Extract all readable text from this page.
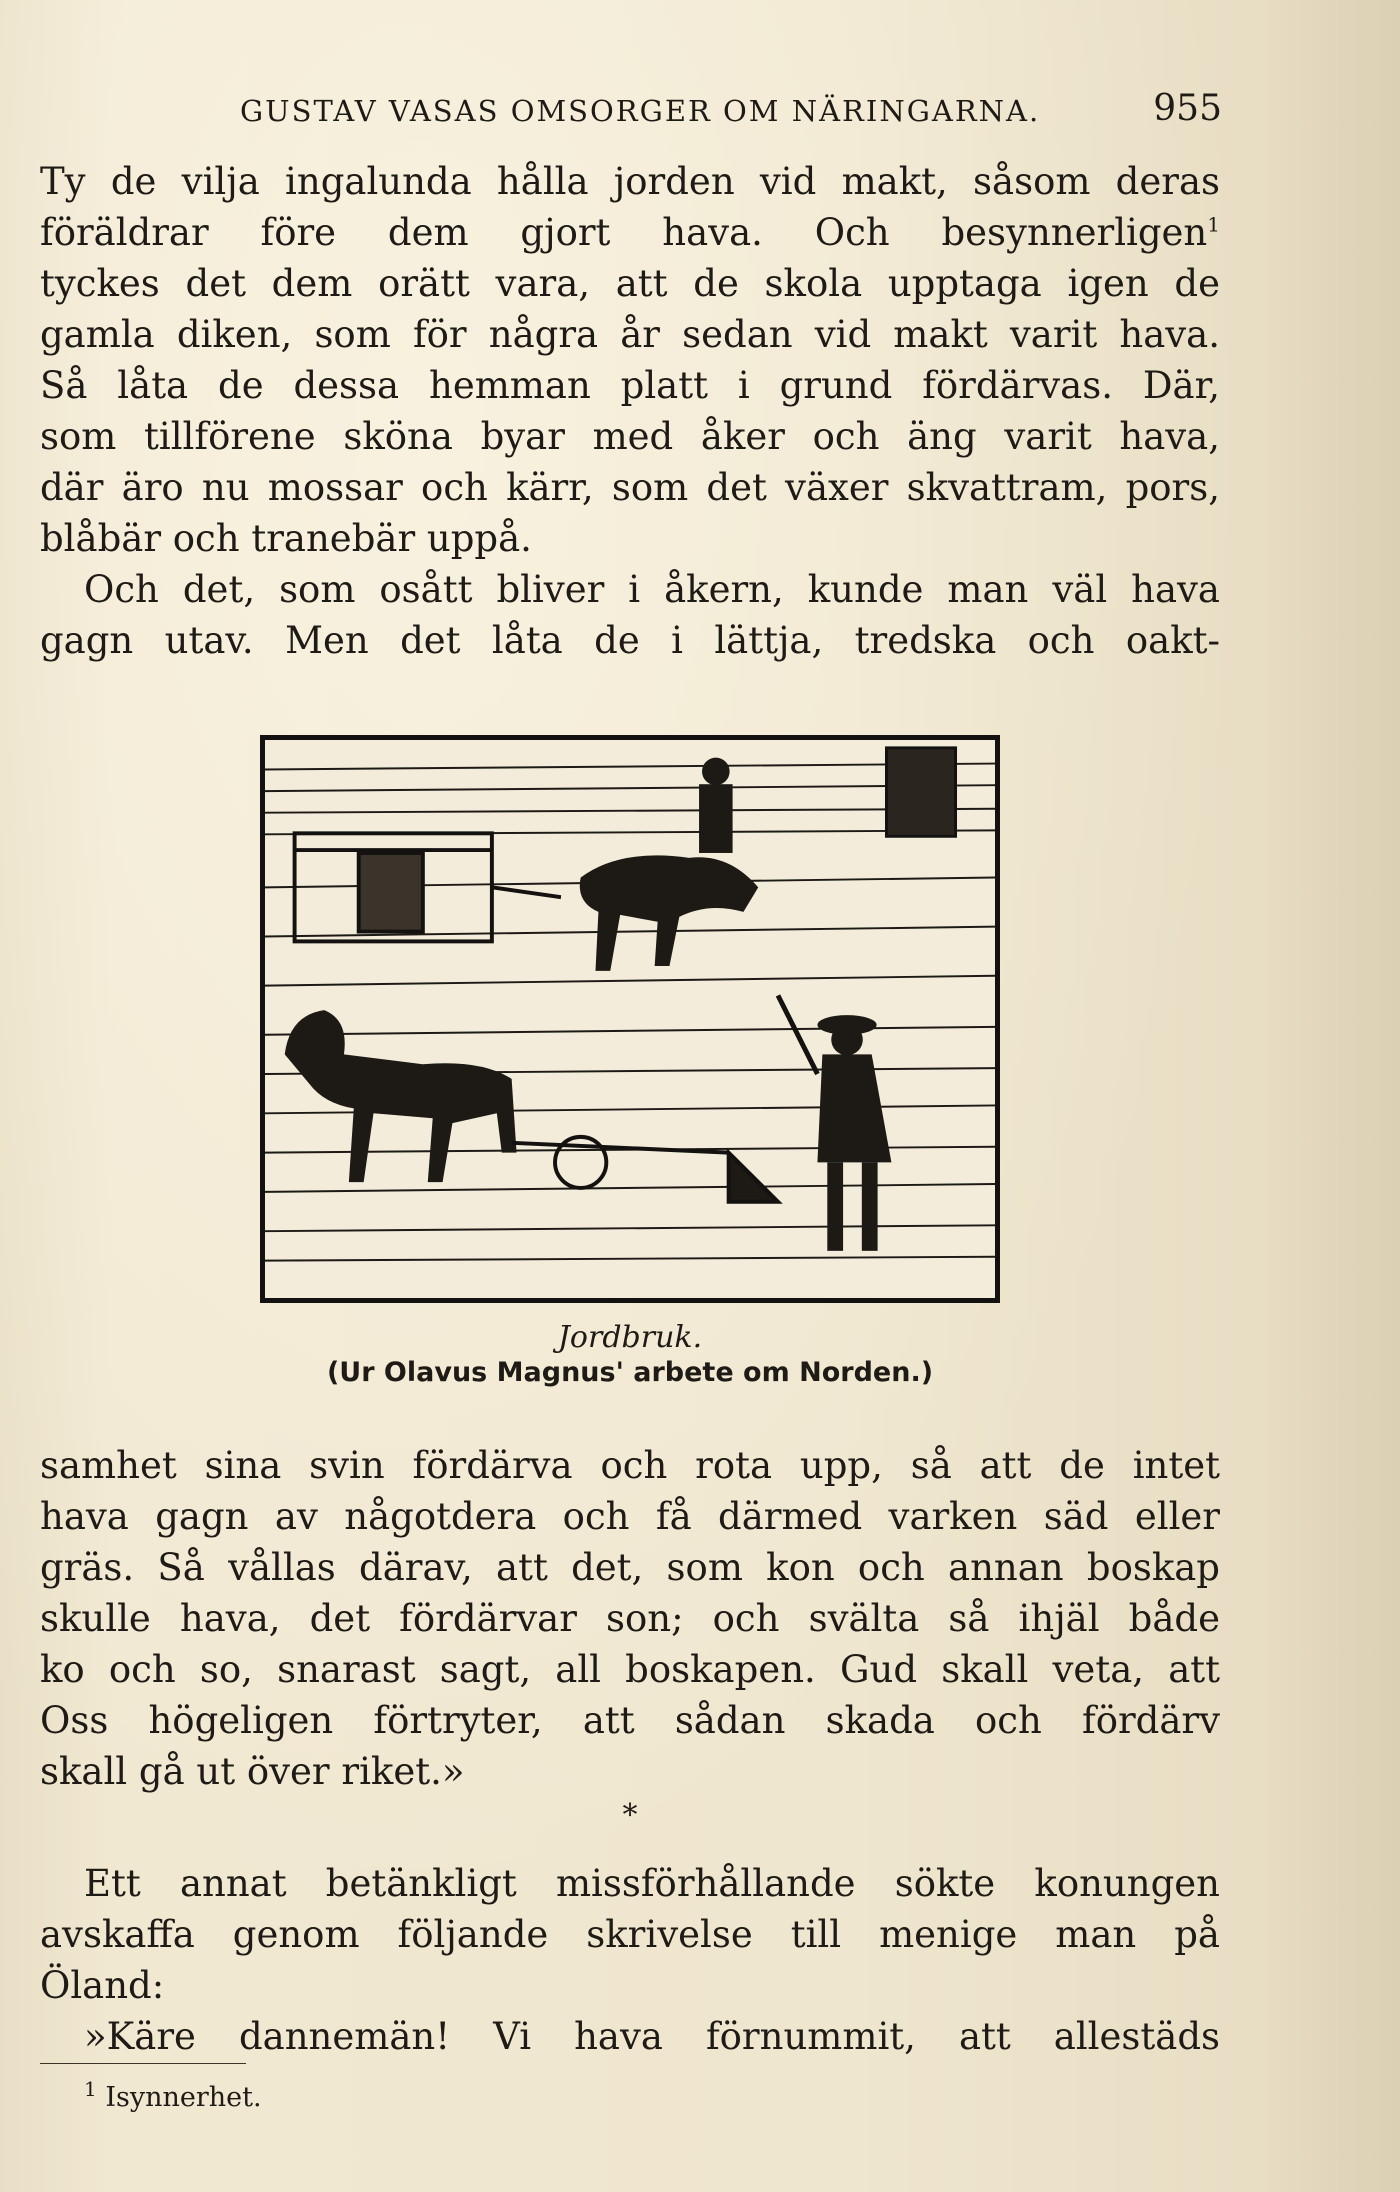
GUSTAV VASAS OMSORGER OM NÄRINGARNA.	955

Ty de vilja ingalunda hålla jorden vid makt, såsom deras

föräldrar före dem gjort hava. Och besynnerligen$^1$

tyckes det dem orätt vara, att de skola upptaga igen de

gamla diken, som för några år sedan vid makt varit hava.

Så låta de dessa hemman platt i grund fördärvas. Där,

som tillförene sköna byar med åker och äng varit hava,

där äro nu mossar och kärr, som det växer skvattram, pors,

blåbär och tranebär uppå.

Och det, som osått bliver i åkern, kunde man väl hava

gagn utav. Men det låta de i lättja, tredska och oakt-

Jordbruk.
(Ur Olavus Magnus' arbete om Norden.)

samhet sina svin fördärva och rota upp, så att de intet

hava gagn av någotdera och få därmed varken säd eller

gräs. Så vållas därav, att det, som kon och annan boskap

skulle hava, det fördärvar son; och svälta så ihjäl både

ko och so, snarast sagt, all boskapen. Gud skall veta, att

Oss högeligen förtryter, att sådan skada och fördärv

skall gå ut över riket.»

*

Ett annat betänkligt missförhållande sökte konungen

avskaffa genom följande skrivelse till menige man på

Öland:

»Käre dannemän! Vi hava förnummit, att allestäds

$^1$ Isynnerhet.
